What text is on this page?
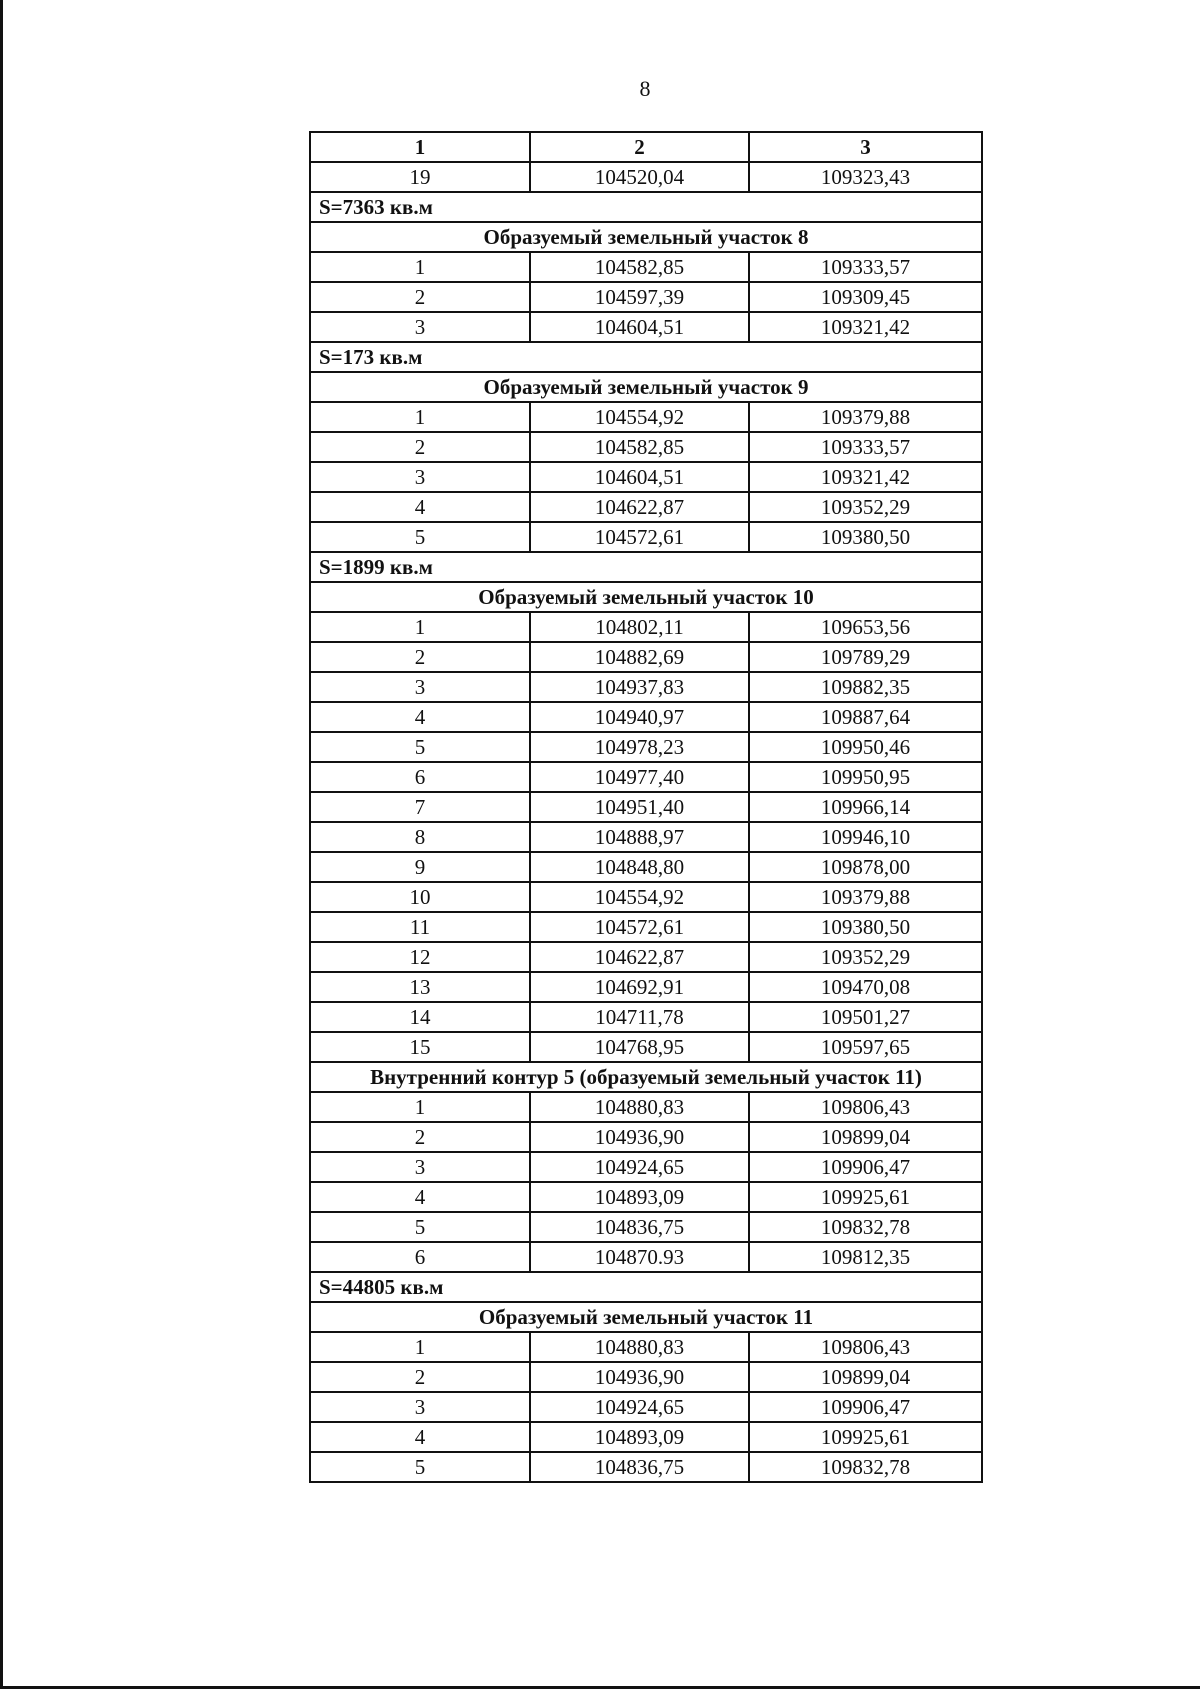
8
1	2	3
19	104520,04	109323,43
S=7363 кв.м		
Образуемый земельный участок 8		
1	104582,85	109333,57
2	104597,39	109309,45
3	104604,51	109321,42
S=173 кв.м		
Образуемый земельный участок 9		
1	104554,92	109379,88
2	104582,85	109333,57
3	104604,51	109321,42
4	104622,87	109352,29
5	104572,61	109380,50
S=1899 кв.м		
Образуемый земельный участок 10		
1	104802,11	109653,56
2	104882,69	109789,29
3	104937,83	109882,35
4	104940,97	109887,64
5	104978,23	109950,46
6	104977,40	109950,95
7	104951,40	109966,14
8	104888,97	109946,10
9	104848,80	109878,00
10	104554,92	109379,88
11	104572,61	109380,50
12	104622,87	109352,29
13	104692,91	109470,08
14	104711,78	109501,27
15	104768,95	109597,65
Внутренний контур 5 (образуемый земельный участок 11)		
1	104880,83	109806,43
2	104936,90	109899,04
3	104924,65	109906,47
4	104893,09	109925,61
5	104836,75	109832,78
6	104870.93	109812,35
S=44805 кв.м		
Образуемый земельный участок 11		
1	104880,83	109806,43
2	104936,90	109899,04
3	104924,65	109906,47
4	104893,09	109925,61
5	104836,75	109832,78
